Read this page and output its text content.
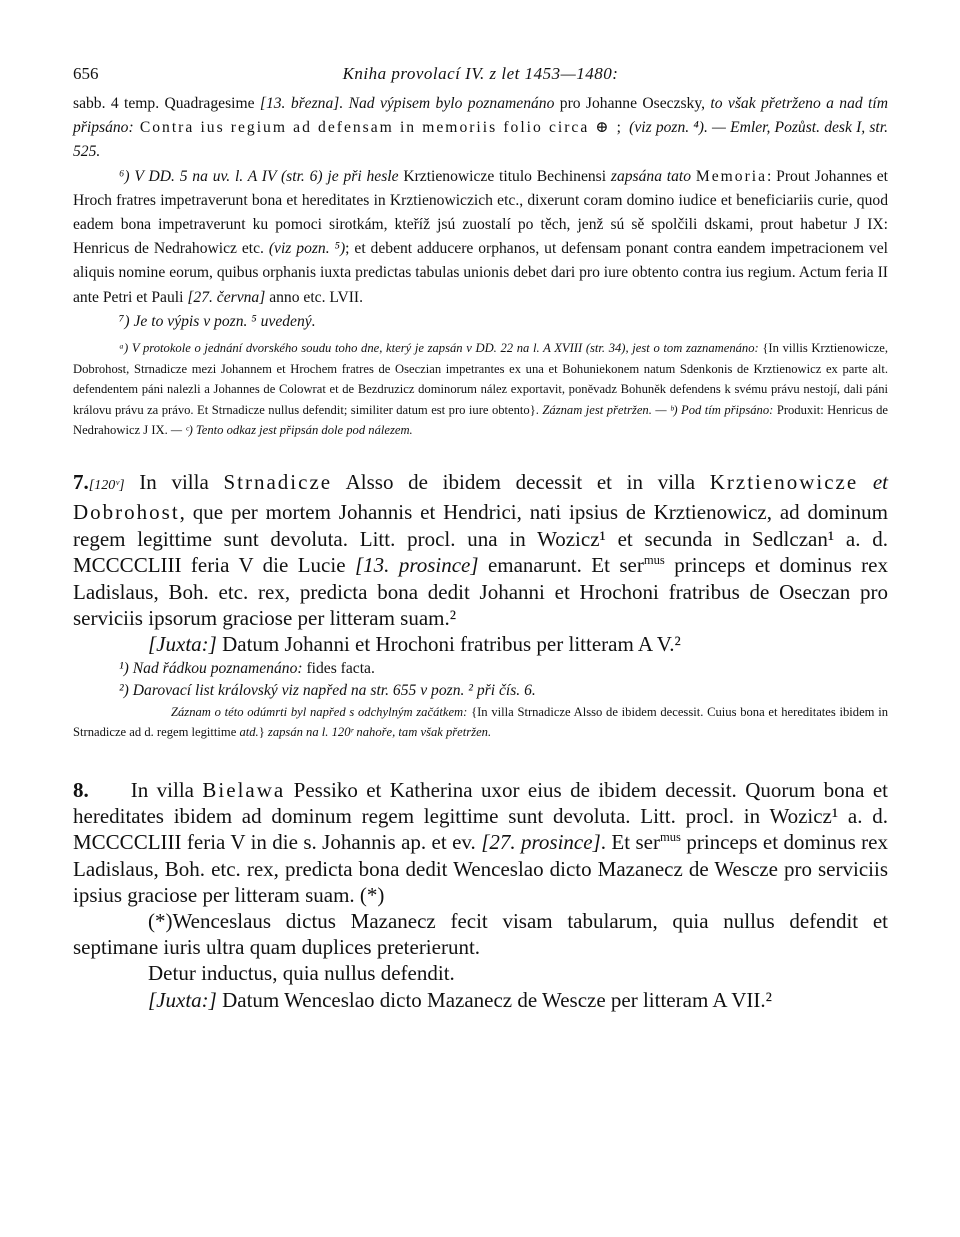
656	Kniha provolací IV. z let 1453—1480:

sabb. 4 temp. Quadragesime [13. března]. Nad výpisem bylo poznamenáno pro Johanne Oseczsky, to však přetrženo a nad tím připsáno: Contra ius regium ad defensam in memoriis folio circa ⊕ ; (viz pozn. ⁴). — Emler, Pozůst. desk I, str. 525.

⁶) V DD. 5 na uv. l. A IV (str. 6) je při hesle Krztienowicze titulo Bechinensi zapsána tato Memoria: Prout Johannes et Hroch fratres impetraverunt bona et hereditates in Krztienowiczich etc., dixerunt coram domino iudice et beneficiariis curie, quod eadem bona impetraverunt ku pomoci sirotkám, kteříž jsú zuostalí po těch, jenž sú sě spolčili dskami, prout habetur J IX: Henricus de Nedrahowicz etc. (viz pozn. ⁵); et debent adducere orphanos, ut defensam ponant contra eandem impetracionem vel aliquis nomine eorum, quibus orphanis iuxta predictas tabulas unionis debet dari pro iure obtento contra ius regium. Actum feria II ante Petri et Pauli [27. června] anno etc. LVII.

⁷) Je to výpis v pozn. ⁵ uvedený.

ᵃ) V protokole o jednání dvorského soudu toho dne, který je zapsán v DD. 22 na l. A XVIII (str. 34), jest o tom zaznamenáno: {In villis Krztienowicze, Dobrohost, Strnadicze mezi Johannem et Hrochem fratres de Oseczian impetrantes ex una et Bohuniekonem natum Sdenkonis de Krztienowicz ex parte alt. defendentem páni nalezli a Johannes de Colowrat et de Bezdruzicz dominorum nález exportavit, poněvadz Bohuněk defendens k svému právu nestojí, dali páni královu právu za právo. Et Strnadicze nullus defendit; similiter datum est pro iure obtento}. Záznam jest přetržen. — ᵇ) Pod tím připsáno: Produxit: Henricus de Nedrahowicz J IX. — ᶜ) Tento odkaz jest připsán dole pod nálezem.

7.[120ᵛ] In villa Strnadicze Alsso de ibidem decessit et in villa Krztienowicze et Dobrohost, que per mortem Johannis et Hendrici, nati ipsius de Krztienowicz, ad dominum regem legittime sunt devoluta. Litt. procl. una in Wozicz¹ et secunda in Sedlczan¹ a. d. MCCCCLIII feria V die Lucie [13. prosince] emanarunt. Et ser$^{mus}$ princeps et dominus rex Ladislaus, Boh. etc. rex, predicta bona dedit Johanni et Hrochoni fratribus de Oseczan pro serviciis ipsorum graciose per litteram suam.²

[Juxta:] Datum Johanni et Hrochoni fratribus per litteram A V.²

¹) Nad řádkou poznamenáno: fides facta.

²) Darovací list královský viz napřed na str. 655 v pozn. ² při čís. 6.

Záznam o této odúmrti byl napřed s odchylným začátkem: {In villa Strnadicze Alsso de ibidem decessit. Cuius bona et hereditates ibidem in Strnadicze ad d. regem legittime atd.} zapsán na l. 120ʳ nahoře, tam však přetržen.

8.     In villa Bielawa Pessiko et Katherina uxor eius de ibidem decessit. Quorum bona et hereditates ibidem ad dominum regem legittime sunt devoluta. Litt. procl. in Wozicz¹ a. d. MCCCCLIII feria V in die s. Johannis ap. et ev. [27. prosince]. Et ser$^{mus}$ princeps et dominus rex Ladislaus, Boh. etc. rex, predicta bona dedit Wenceslao dicto Mazanecz de Wescze pro serviciis ipsius graciose per litteram suam. (*)

(*)Wenceslaus dictus Mazanecz fecit visam tabularum, quia nullus defendit et septimane iuris ultra quam duplices preterierunt.

Detur inductus, quia nullus defendit.

[Juxta:] Datum Wenceslao dicto Mazanecz de Wescze per litteram A VII.²
